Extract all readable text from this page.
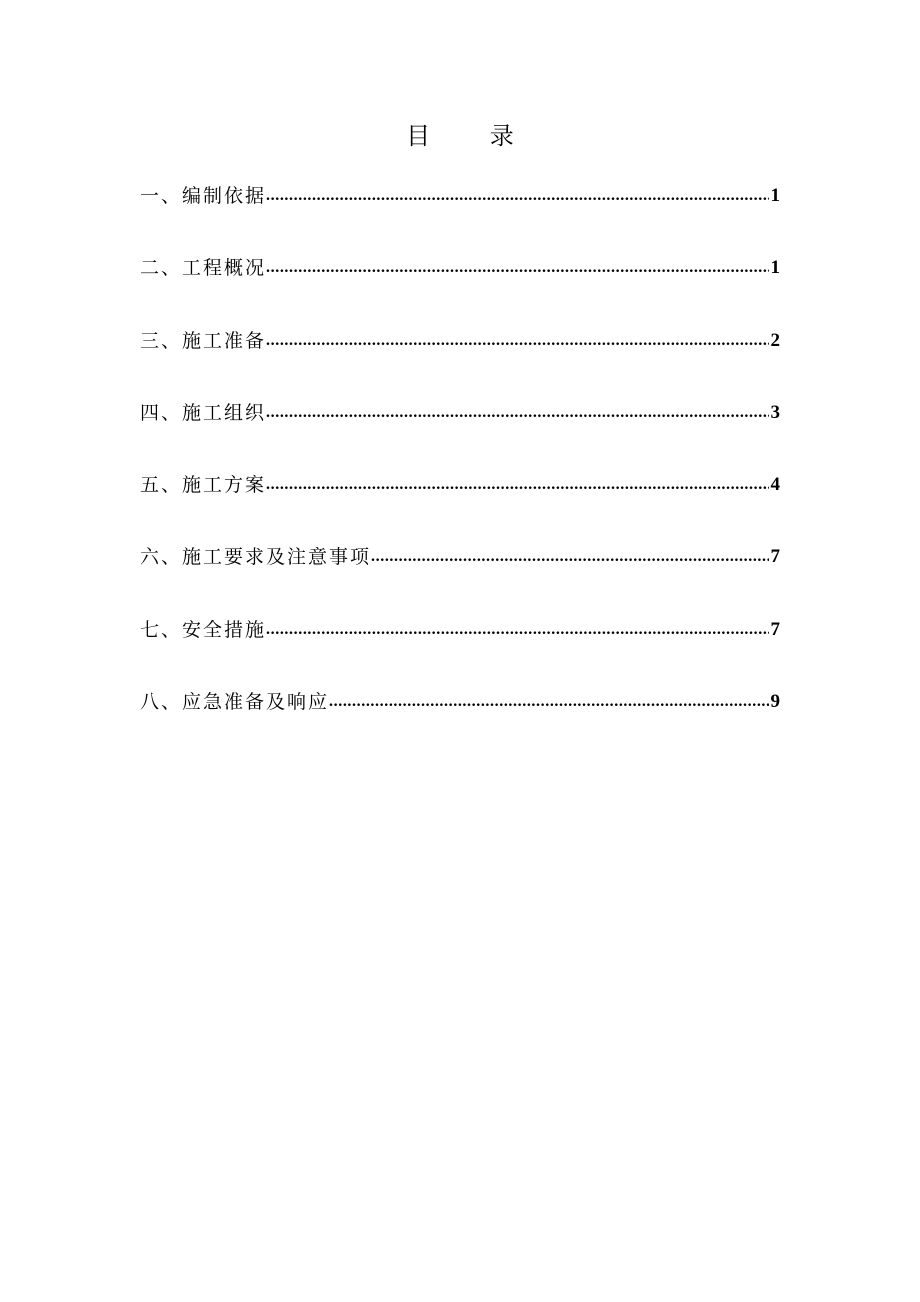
目 录
一、编制依据 .....	1
二、工程概况 .....	1
三、施工准备 .....	2
四、施工组织 .....	3
五、施工方案 .....	4
六、施工要求及注意事项 .....	7
七、安全措施 .....	7
八、应急准备及响应 .....	9
